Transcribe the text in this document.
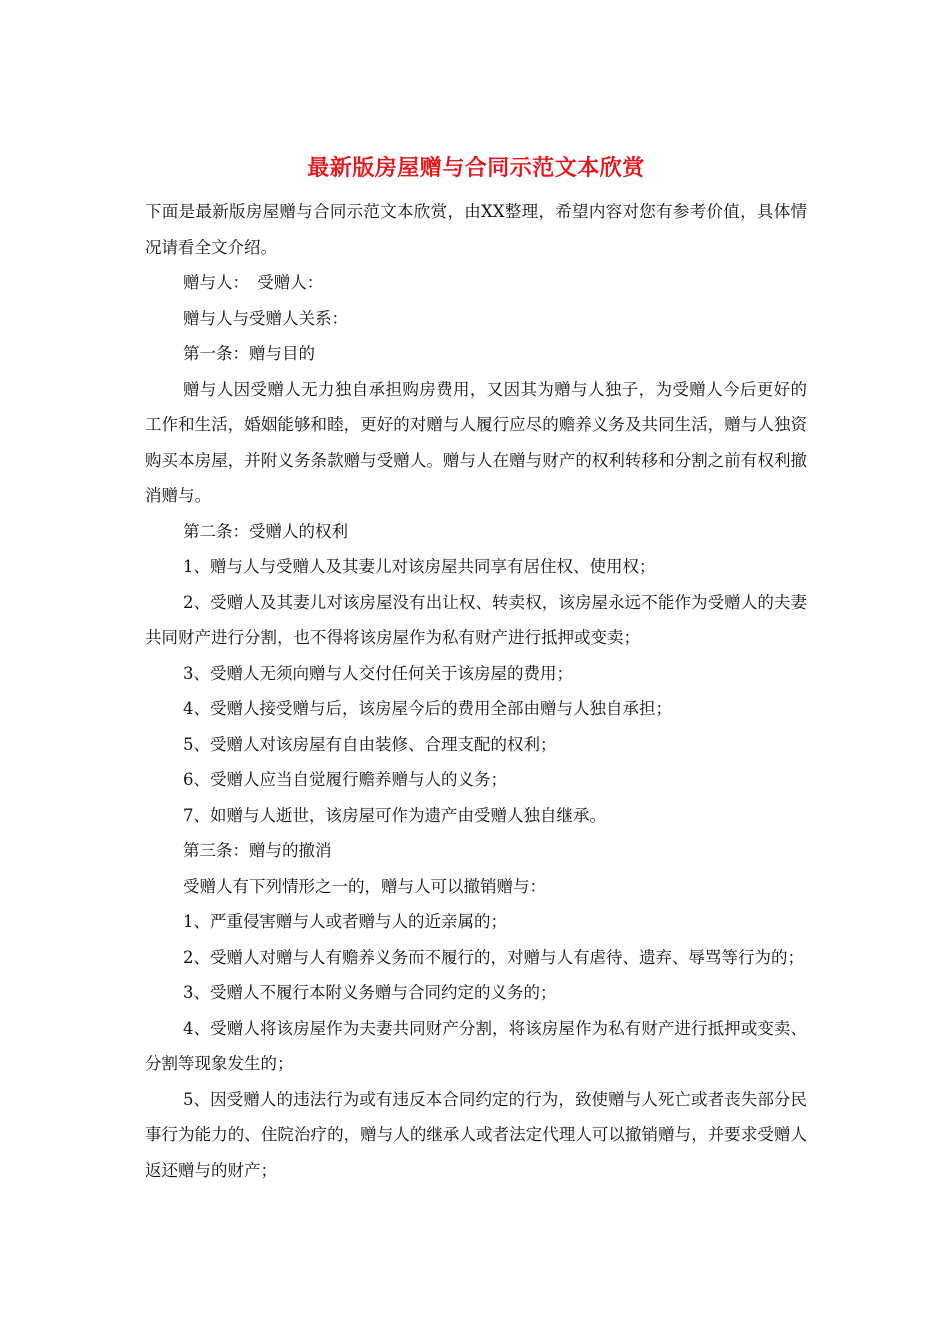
最新版房屋赠与合同示范文本欣赏

下面是最新版房屋赠与合同示范文本欣赏，由XX整理，希望内容对您有参考价值，具体情况请看全文介绍。

赠与人：　受赠人：

赠与人与受赠人关系：

第一条：赠与目的

赠与人因受赠人无力独自承担购房费用，又因其为赠与人独子，为受赠人今后更好的工作和生活，婚姻能够和睦，更好的对赠与人履行应尽的赡养义务及共同生活，赠与人独资购买本房屋，并附义务条款赠与受赠人。赠与人在赠与财产的权利转移和分割之前有权利撤消赠与。

第二条：受赠人的权利

1、赠与人与受赠人及其妻儿对该房屋共同享有居住权、使用权；

2、受赠人及其妻儿对该房屋没有出让权、转卖权，该房屋永远不能作为受赠人的夫妻共同财产进行分割，也不得将该房屋作为私有财产进行抵押或变卖；

3、受赠人无须向赠与人交付任何关于该房屋的费用；

4、受赠人接受赠与后，该房屋今后的费用全部由赠与人独自承担；

5、受赠人对该房屋有自由装修、合理支配的权利；

6、受赠人应当自觉履行赡养赠与人的义务；

7、如赠与人逝世，该房屋可作为遗产由受赠人独自继承。

第三条：赠与的撤消

受赠人有下列情形之一的，赠与人可以撤销赠与：

1、严重侵害赠与人或者赠与人的近亲属的；

2、受赠人对赠与人有赡养义务而不履行的，对赠与人有虐待、遗弃、辱骂等行为的；

3、受赠人不履行本附义务赠与合同约定的义务的；

4、受赠人将该房屋作为夫妻共同财产分割，将该房屋作为私有财产进行抵押或变卖、分割等现象发生的；

5、因受赠人的违法行为或有违反本合同约定的行为，致使赠与人死亡或者丧失部分民事行为能力的、住院治疗的，赠与人的继承人或者法定代理人可以撤销赠与，并要求受赠人返还赠与的财产；
